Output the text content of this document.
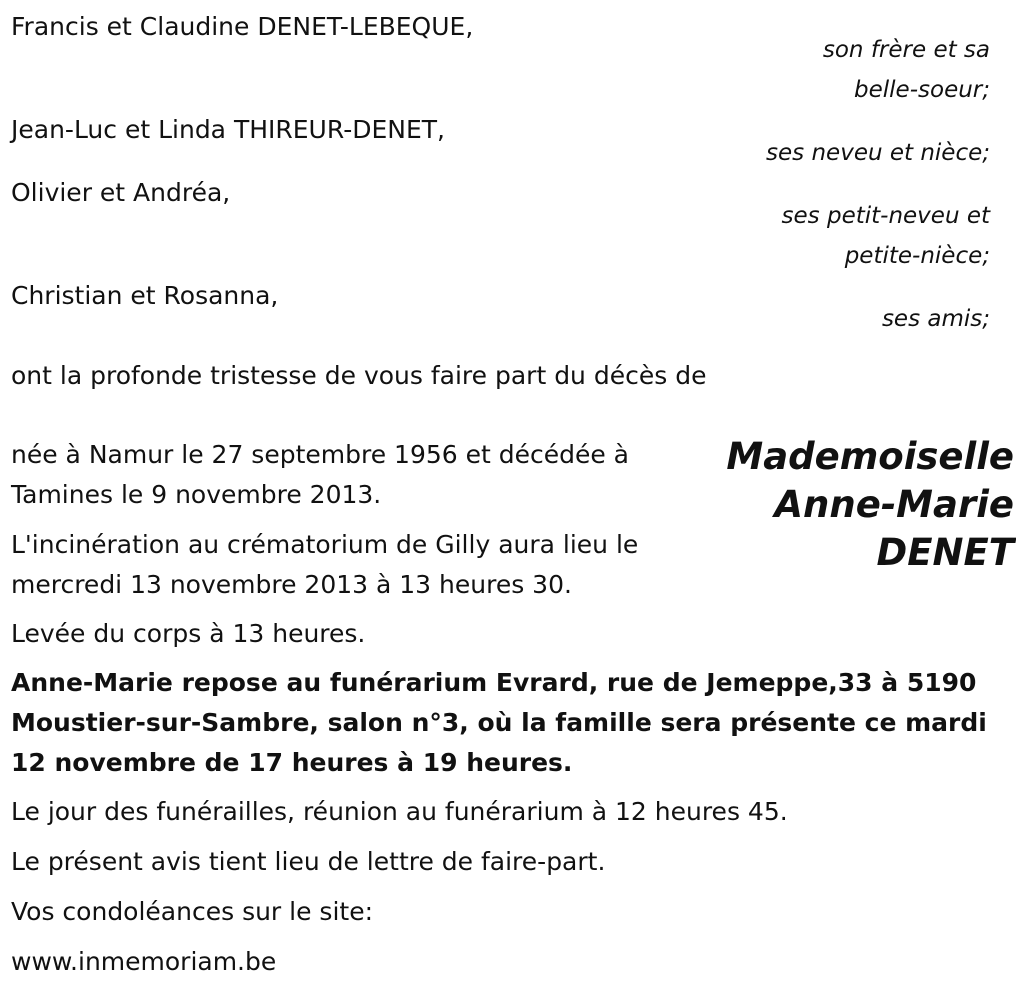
Francis et Claudine DENET-LEBEQUE,
son frère et sa
belle-soeur;
Jean-Luc et Linda THIREUR-DENET,
ses neveu et nièce;
Olivier et Andréa,
ses petit-neveu et
petite-nièce;
Christian et Rosanna,
ses amis;
ont la profonde tristesse de vous faire part du décès de
Mademoiselle
Anne-Marie
DENET
née à Namur le 27 septembre 1956 et décédée à
Tamines le 9 novembre 2013.
L'incinération au crématorium de Gilly aura lieu le
mercredi 13 novembre 2013 à 13 heures 30.
Levée du corps à 13 heures.
Anne-Marie repose au funérarium Evrard, rue de Jemeppe,33 à 5190
Moustier-sur-Sambre, salon n°3, où la famille sera présente ce mardi
12 novembre de 17 heures à 19 heures.
Le jour des funérailles, réunion au funérarium à 12 heures 45.
Le présent avis tient lieu de lettre de faire-part.
Vos condoléances sur le site:
www.inmemoriam.be
